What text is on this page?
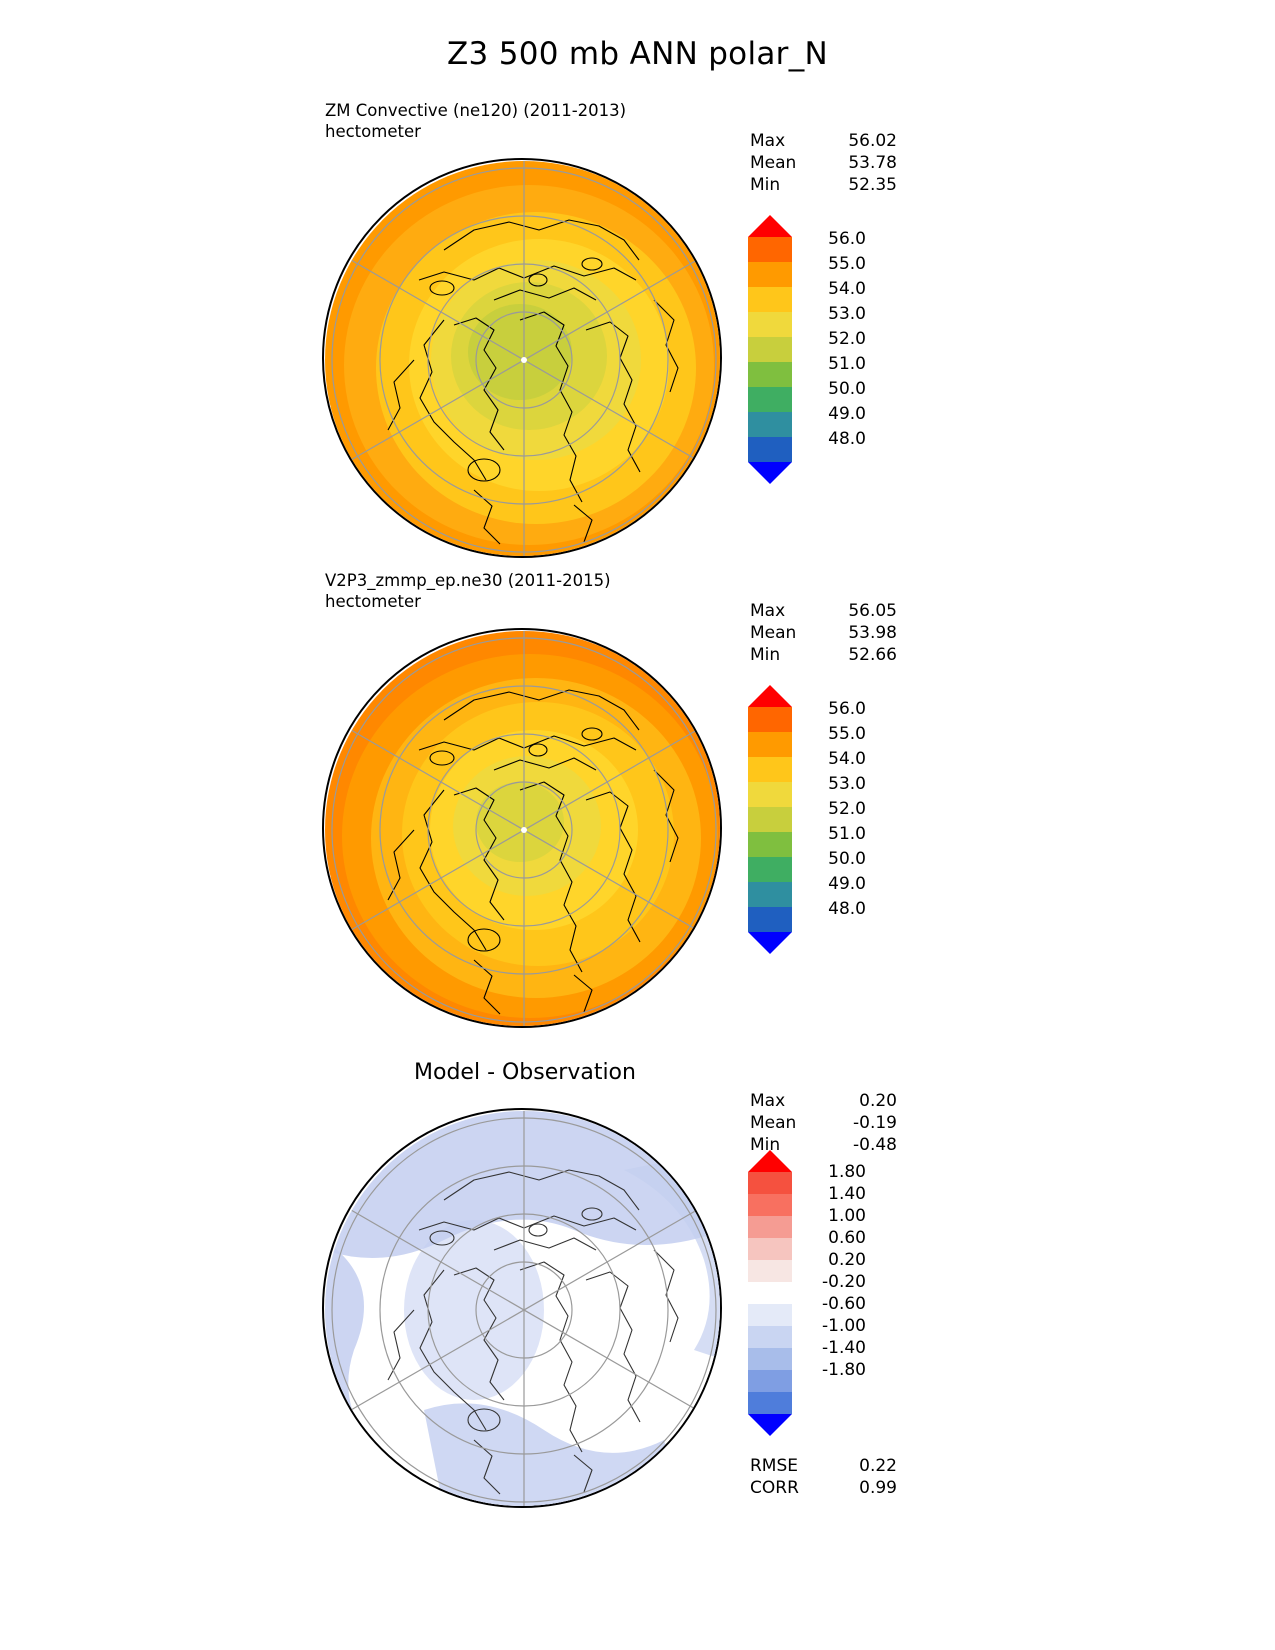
Z3 500 mb ANN polar_N
ZM Convective (ne120) (2011-2013)
hectometer	Max	56.02
Mean	53.78
Min	52.35
56.0
55.0
54.0
53.0
52.0
51.0
50.0
49.0
48.0
V2P3_zmmp_ep.ne30 (2011-2015)
hectometer	Max	56.05
Mean	53.98
Min	52.66
56.0
55.0
54.0
53.0
52.0
51.0
50.0
49.0
48.0
Model - Observation
Max	0.20
Mean	-0.19
Min	-0.48
1.80
1.40
1.00
0.60
0.20
-0.20
-0.60
-1.00
-1.40
-1.80
RMSE	0.22
CORR	0.99
